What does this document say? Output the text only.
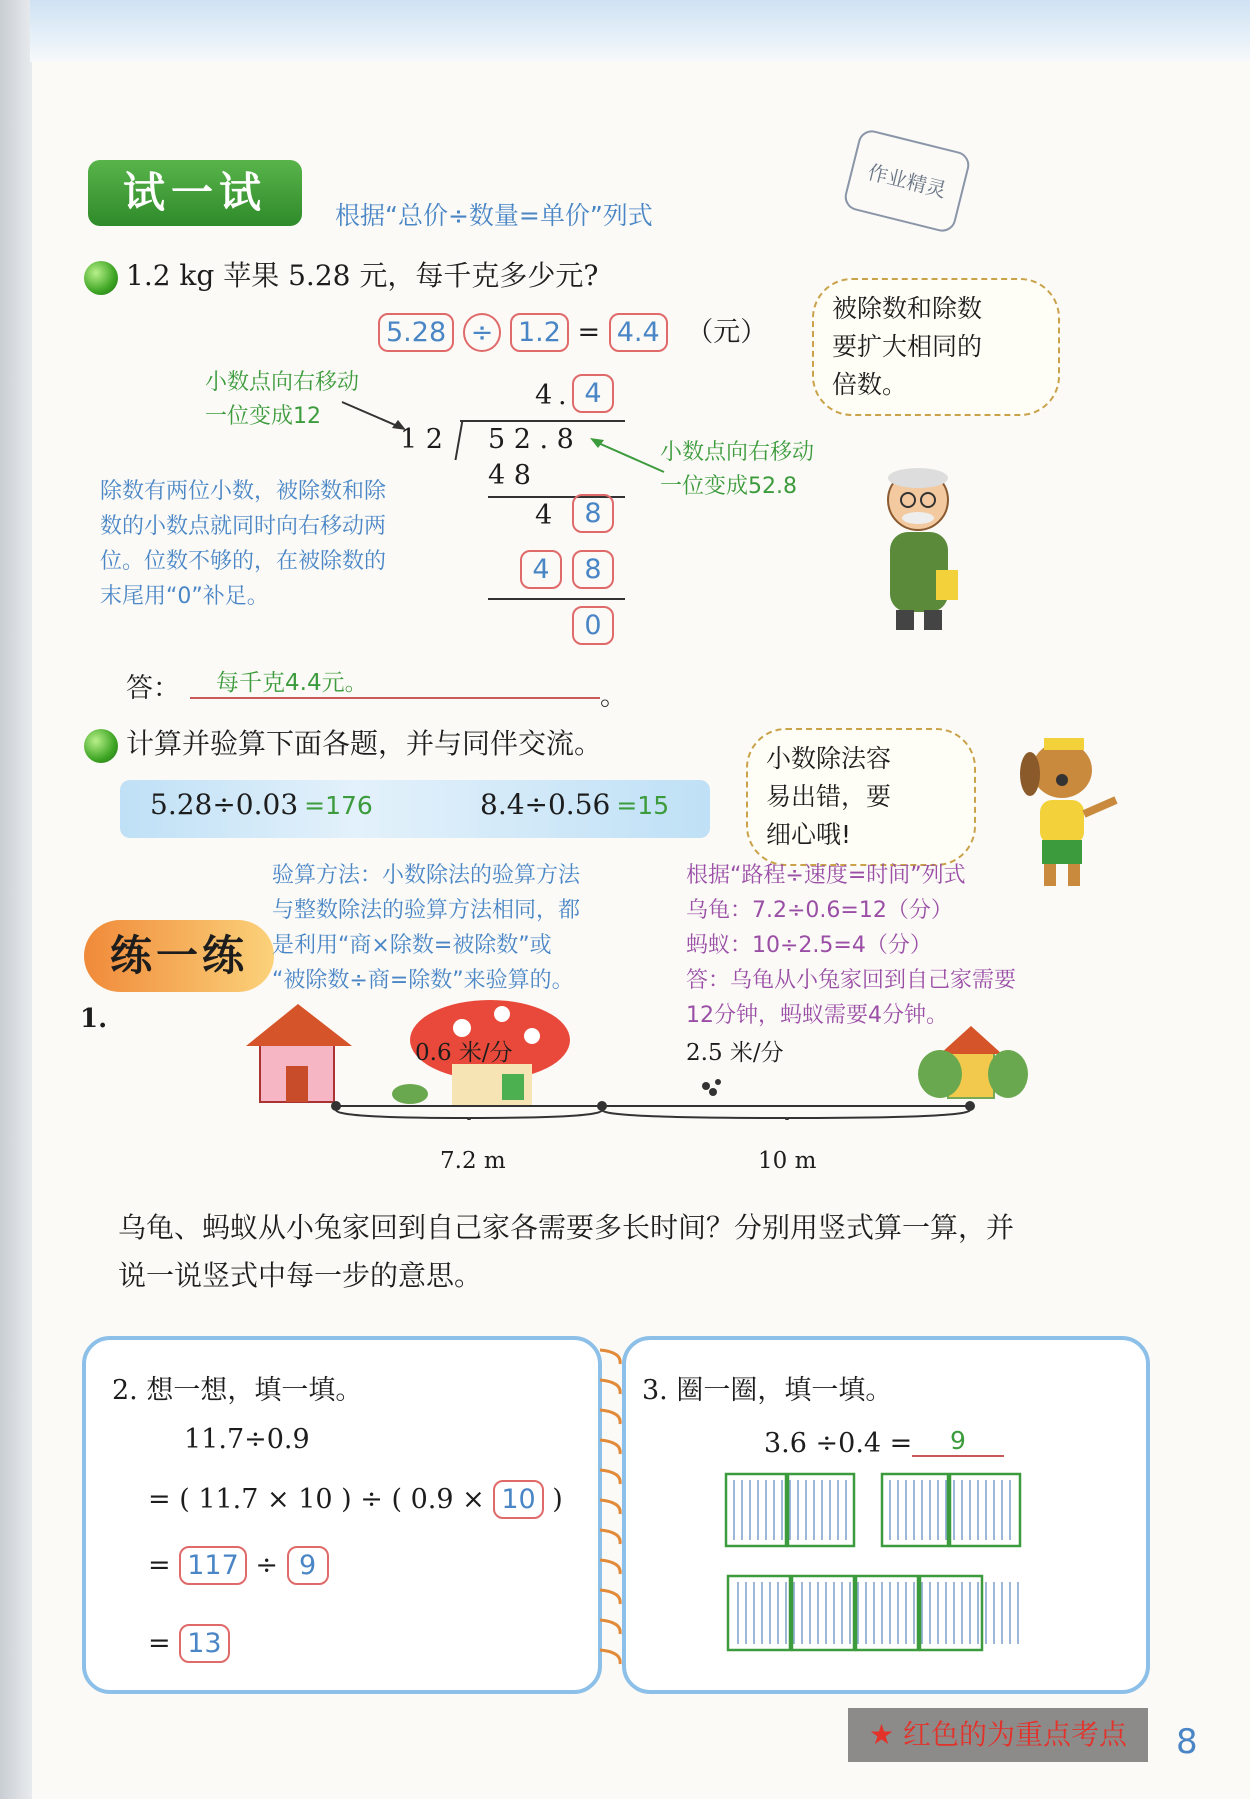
试一试	根据“总价÷数量=单价”列式
作业精灵
1.2 kg 苹果 5.28 元，每千克多少元?
5.28 ÷ 1.2 = 4.4 （元）
小数点向右移动
一位变成12
小数点向右移动
一位变成52.8
除数有两位小数，被除数和除
数的小数点就同时向右移动两
位。位数不够的，在被除数的
末尾用“0”补足。
4 . 4
1 2 5 2 . 8
4 8
4	8
4	8
0
被除数和除数
要扩大相同的
倍数。
答：	每千克4.4元。	。
计算并验算下面各题，并与同伴交流。
5.28÷0.03 =176	8.4÷0.56 =15
小数除法容
易出错，要
细心哦!
练一练
验算方法：小数除法的验算方法
与整数除法的验算方法相同，都
是利用“商×除数=被除数”或
“被除数÷商=除数”来验算的。
根据“路程÷速度=时间”列式
乌龟：7.2÷0.6=12（分）
蚂蚁：10÷2.5=4（分）
答：乌龟从小兔家回到自己家需要
12分钟，蚂蚁需要4分钟。
1.
0.6 米/分	2.5 米/分
7.2 m	10 m
乌龟、蚂蚁从小兔家回到自己家各需要多长时间？分别用竖式算一算，并
说一说竖式中每一步的意思。
2. 想一想，填一填。
11.7÷0.9
= ( 11.7 × 10 ) ÷ ( 0.9 × 10 )
= 117 ÷ 9
= 13
3. 圈一圈，填一填。
3.6 ÷0.4 =	9
★ 红色的为重点考点	8
